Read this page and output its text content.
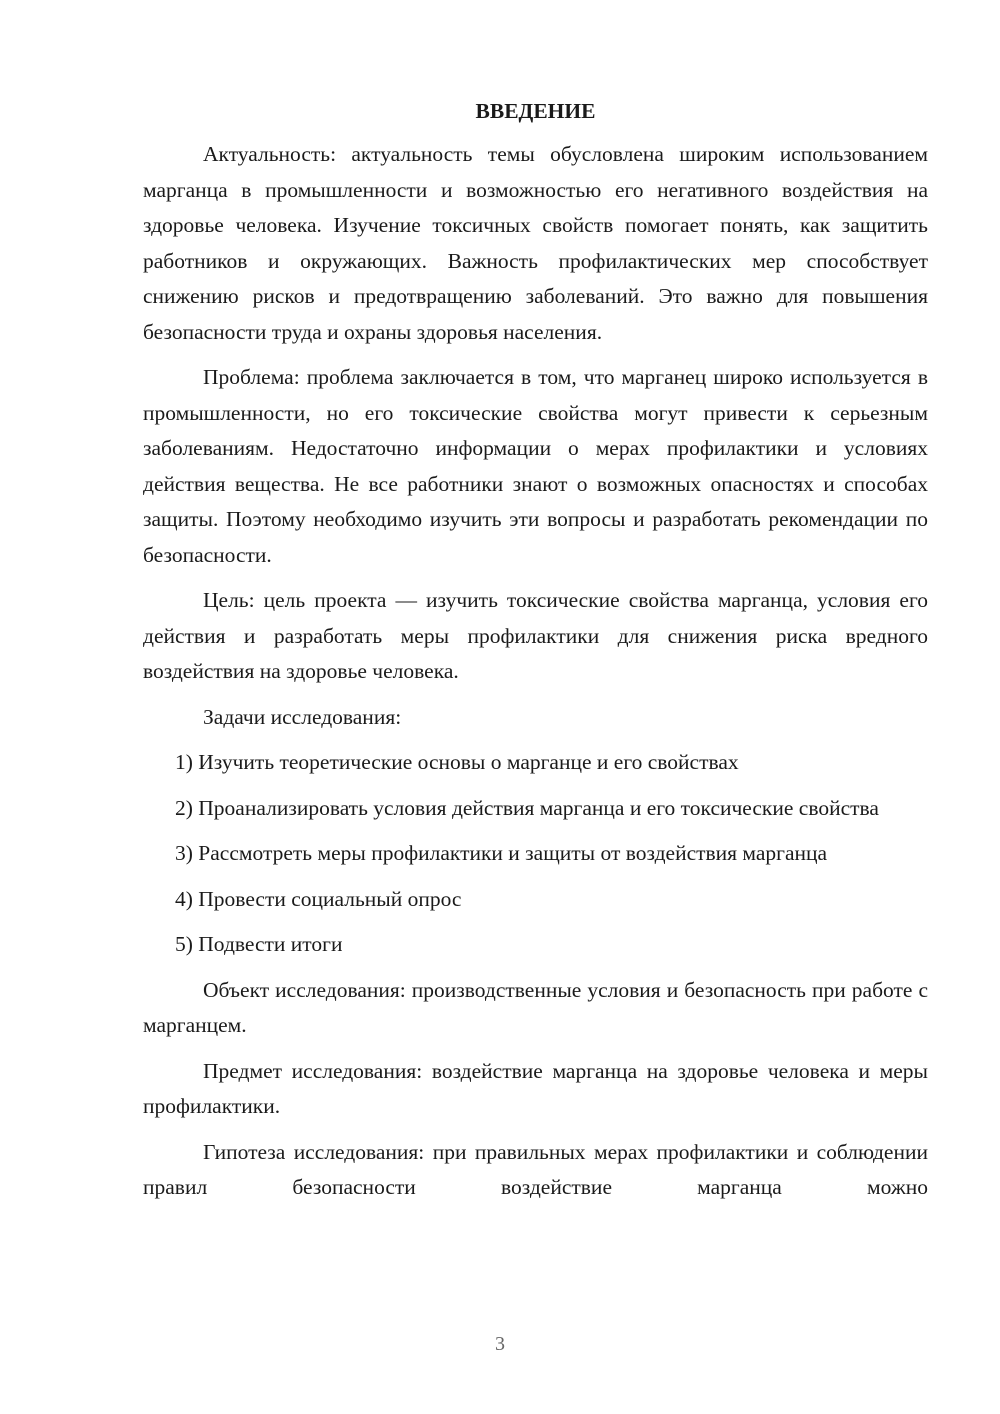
ВВЕДЕНИЕ
Актуальность: актуальность темы обусловлена широким использованием марганца в промышленности и возможностью его негативного воздействия на здоровье человека. Изучение токсичных свойств помогает понять, как защитить работников и окружающих. Важность профилактических мер способствует снижению рисков и предотвращению заболеваний. Это важно для повышения безопасности труда и охраны здоровья населения.
Проблема: проблема заключается в том, что марганец широко используется в промышленности, но его токсические свойства могут привести к серьезным заболеваниям. Недостаточно информации о мерах профилактики и условиях действия вещества. Не все работники знают о возможных опасностях и способах защиты. Поэтому необходимо изучить эти вопросы и разработать рекомендации по безопасности.
Цель: цель проекта — изучить токсические свойства марганца, условия его действия и разработать меры профилактики для снижения риска вредного воздействия на здоровье человека.
Задачи исследования:
1) Изучить теоретические основы о марганце и его свойствах
2) Проанализировать условия действия марганца и его токсические свойства
3) Рассмотреть меры профилактики и защиты от воздействия марганца
4) Провести социальный опрос
5) Подвести итоги
Объект исследования: производственные условия и безопасность при работе с марганцем.
Предмет исследования: воздействие марганца на здоровье человека и меры профилактики.
Гипотеза исследования: при правильных мерах профилактики и соблюдении правил безопасности воздействие марганца можно
3
